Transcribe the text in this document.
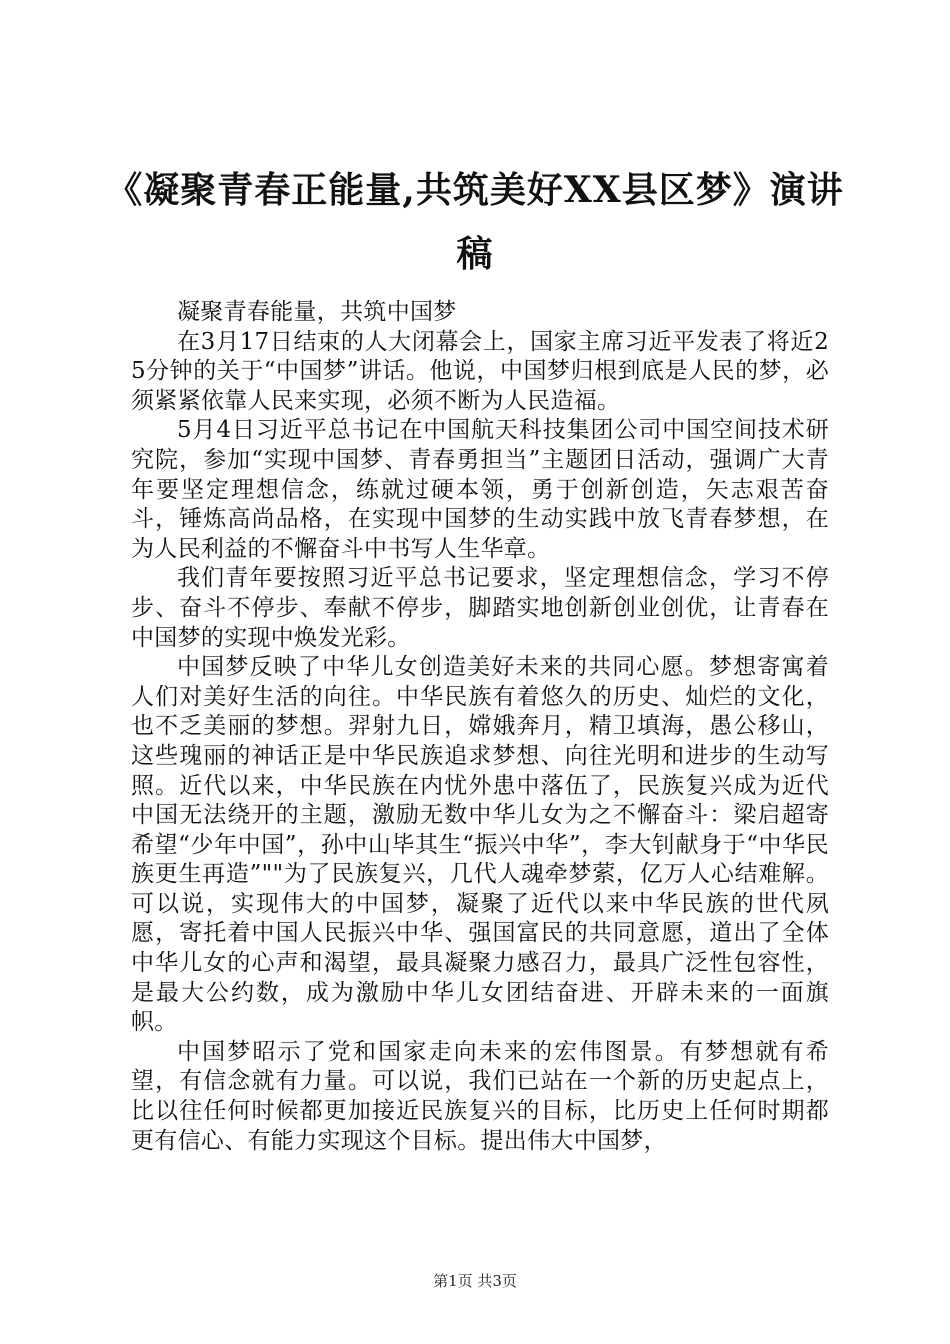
《凝聚青春正能量,共筑美好XX县区梦》演讲稿

凝聚青春能量，共筑中国梦

在3月17日结束的人大闭幕会上，国家主席习近平发表了将近25分钟的关于“中国梦”讲话。他说，中国梦归根到底是人民的梦，必须紧紧依靠人民来实现，必须不断为人民造福。

5月4日习近平总书记在中国航天科技集团公司中国空间技术研究院，参加“实现中国梦、青春勇担当”主题团日活动，强调广大青年要坚定理想信念，练就过硬本领，勇于创新创造，矢志艰苦奋斗，锤炼高尚品格，在实现中国梦的生动实践中放飞青春梦想，在为人民利益的不懈奋斗中书写人生华章。

我们青年要按照习近平总书记要求，坚定理想信念，学习不停步、奋斗不停步、奉献不停步，脚踏实地创新创业创优，让青春在中国梦的实现中焕发光彩。

中国梦反映了中华儿女创造美好未来的共同心愿。梦想寄寓着人们对美好生活的向往。中华民族有着悠久的历史、灿烂的文化，也不乏美丽的梦想。羿射九日，嫦娥奔月，精卫填海，愚公移山，这些瑰丽的神话正是中华民族追求梦想、向往光明和进步的生动写照。近代以来，中华民族在内忧外患中落伍了，民族复兴成为近代中国无法绕开的主题，激励无数中华儿女为之不懈奋斗：梁启超寄希望“少年中国”，孙中山毕其生“振兴中华”，李大钊献身于“中华民族更生再造”""为了民族复兴，几代人魂牵梦萦，亿万人心结难解。可以说，实现伟大的中国梦，凝聚了近代以来中华民族的世代夙愿，寄托着中国人民振兴中华、强国富民的共同意愿，道出了全体中华儿女的心声和渴望，最具凝聚力感召力，最具广泛性包容性，是最大公约数，成为激励中华儿女团结奋进、开辟未来的一面旗帜。

中国梦昭示了党和国家走向未来的宏伟图景。有梦想就有希望，有信念就有力量。可以说，我们已站在一个新的历史起点上，比以往任何时候都更加接近民族复兴的目标，比历史上任何时期都更有信心、有能力实现这个目标。提出伟大中国梦，

第1页 共3页
